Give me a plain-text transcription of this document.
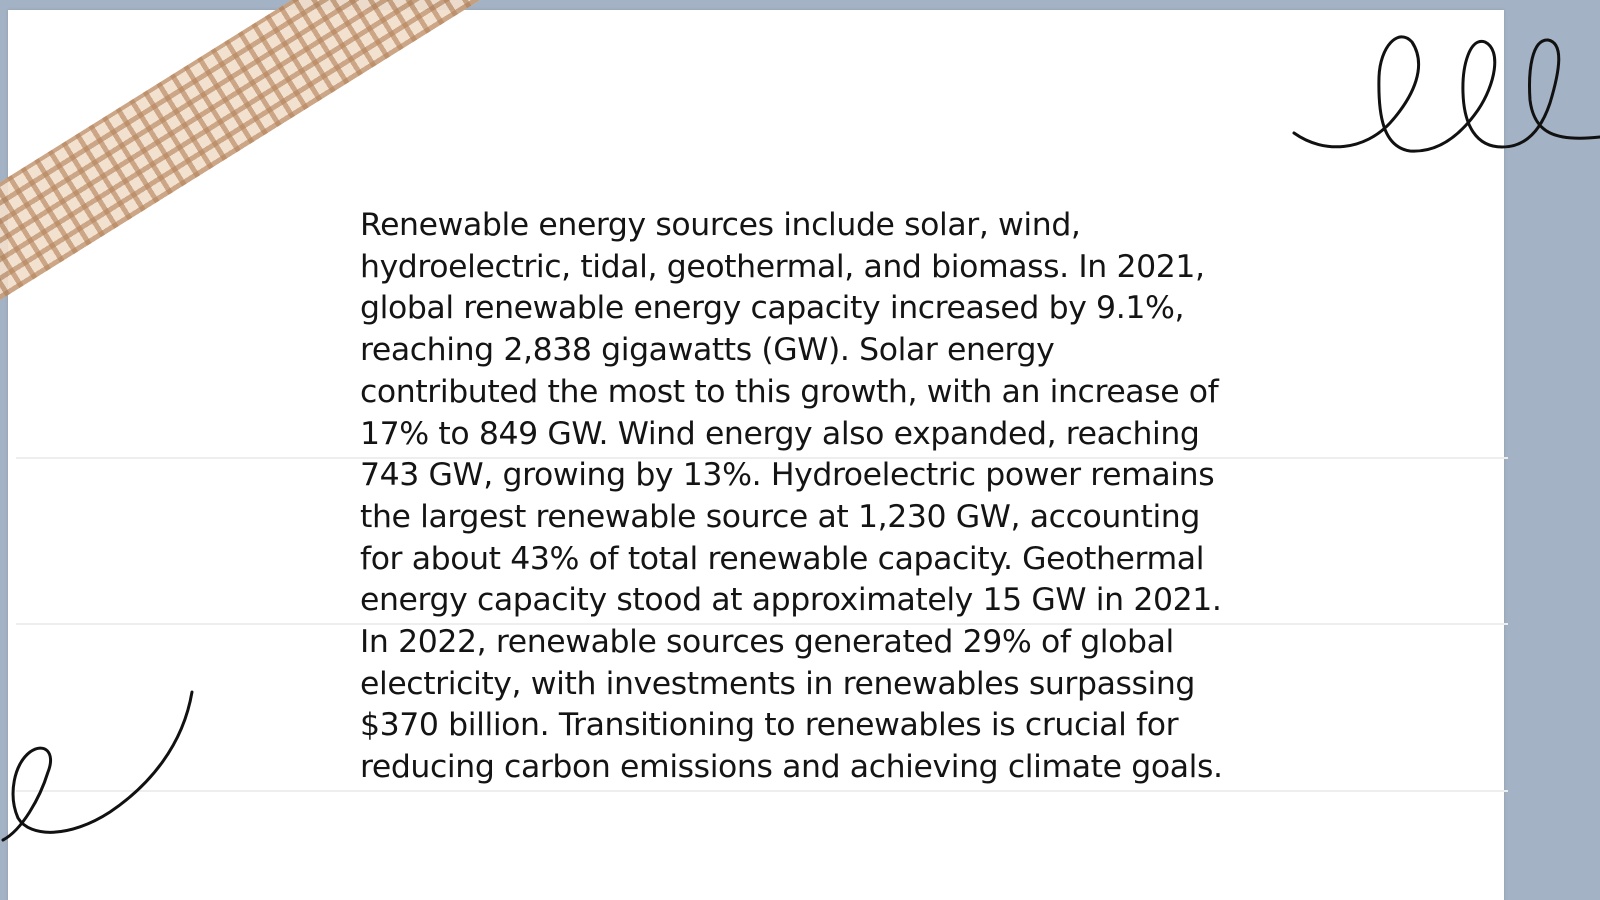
Renewable energy sources include solar, wind, hydroelectric, tidal, geothermal, and biomass. In 2021, global renewable energy capacity increased by 9.1%, reaching 2,838 gigawatts (GW). Solar energy contributed the most to this growth, with an increase of 17% to 849 GW. Wind energy also expanded, reaching 743 GW, growing by 13%. Hydroelectric power remains the largest renewable source at 1,230 GW, accounting for about 43% of total renewable capacity. Geothermal energy capacity stood at approximately 15 GW in 2021. In 2022, renewable sources generated 29% of global electricity, with investments in renewables surpassing $370 billion. Transitioning to renewables is crucial for reducing carbon emissions and achieving climate goals.
